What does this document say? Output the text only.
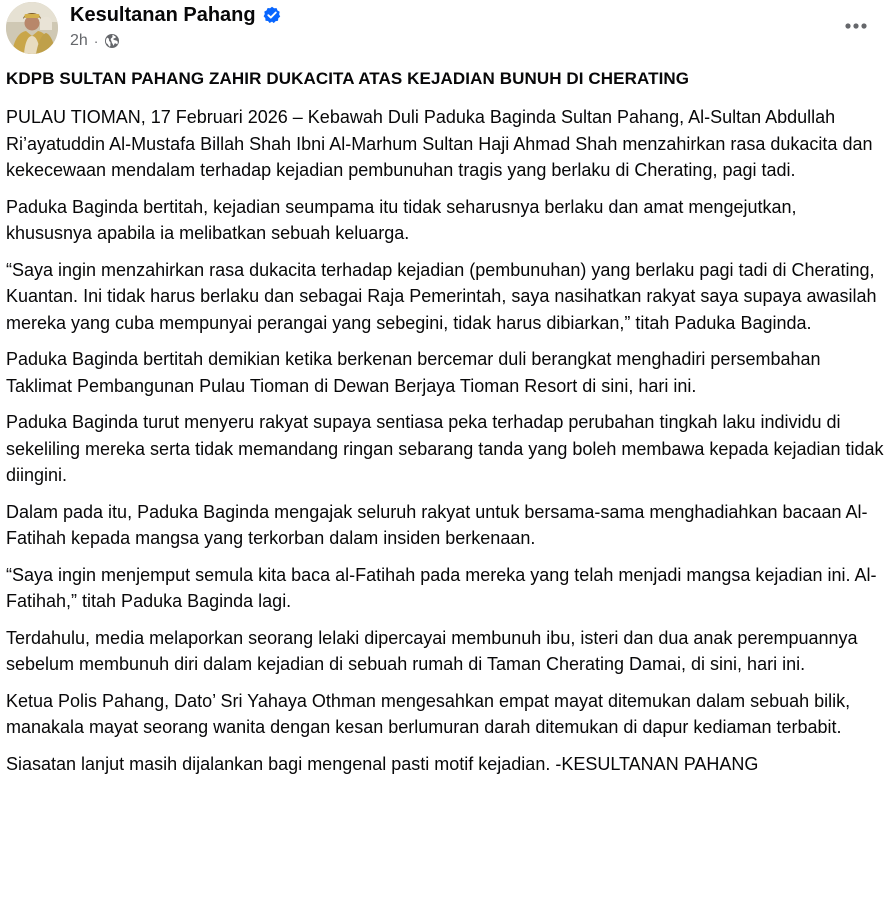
Kesultanan Pahang
2h ·

KDPB SULTAN PAHANG ZAHIR DUKACITA ATAS KEJADIAN BUNUH DI CHERATING

PULAU TIOMAN, 17 Februari 2026 – Kebawah Duli Paduka Baginda Sultan Pahang, Al-Sultan Abdullah Ri’ayatuddin Al-Mustafa Billah Shah Ibni Al-Marhum Sultan Haji Ahmad Shah menzahirkan rasa dukacita dan kekecewaan mendalam terhadap kejadian pembunuhan tragis yang berlaku di Cherating, pagi tadi.

Paduka Baginda bertitah, kejadian seumpama itu tidak seharusnya berlaku dan amat mengejutkan, khususnya apabila ia melibatkan sebuah keluarga.

“Saya ingin menzahirkan rasa dukacita terhadap kejadian (pembunuhan) yang berlaku pagi tadi di Cherating, Kuantan. Ini tidak harus berlaku dan sebagai Raja Pemerintah, saya nasihatkan rakyat saya supaya awasilah mereka yang cuba mempunyai perangai yang sebegini, tidak harus dibiarkan,” titah Paduka Baginda.

Paduka Baginda bertitah demikian ketika berkenan bercemar duli berangkat menghadiri persembahan Taklimat Pembangunan Pulau Tioman di Dewan Berjaya Tioman Resort di sini, hari ini.

Paduka Baginda turut menyeru rakyat supaya sentiasa peka terhadap perubahan tingkah laku individu di sekeliling mereka serta tidak memandang ringan sebarang tanda yang boleh membawa kepada kejadian tidak diingini.

Dalam pada itu, Paduka Baginda mengajak seluruh rakyat untuk bersama-sama menghadiahkan bacaan Al-Fatihah kepada mangsa yang terkorban dalam insiden berkenaan.

“Saya ingin menjemput semula kita baca al-Fatihah pada mereka yang telah menjadi mangsa kejadian ini. Al-Fatihah,” titah Paduka Baginda lagi.

Terdahulu, media melaporkan seorang lelaki dipercayai membunuh ibu, isteri dan dua anak perempuannya sebelum membunuh diri dalam kejadian di sebuah rumah di Taman Cherating Damai, di sini, hari ini.

Ketua Polis Pahang, Dato’ Sri Yahaya Othman mengesahkan empat mayat ditemukan dalam sebuah bilik, manakala mayat seorang wanita dengan kesan berlumuran darah ditemukan di dapur kediaman terbabit.

Siasatan lanjut masih dijalankan bagi mengenal pasti motif kejadian. -KESULTANAN PAHANG
